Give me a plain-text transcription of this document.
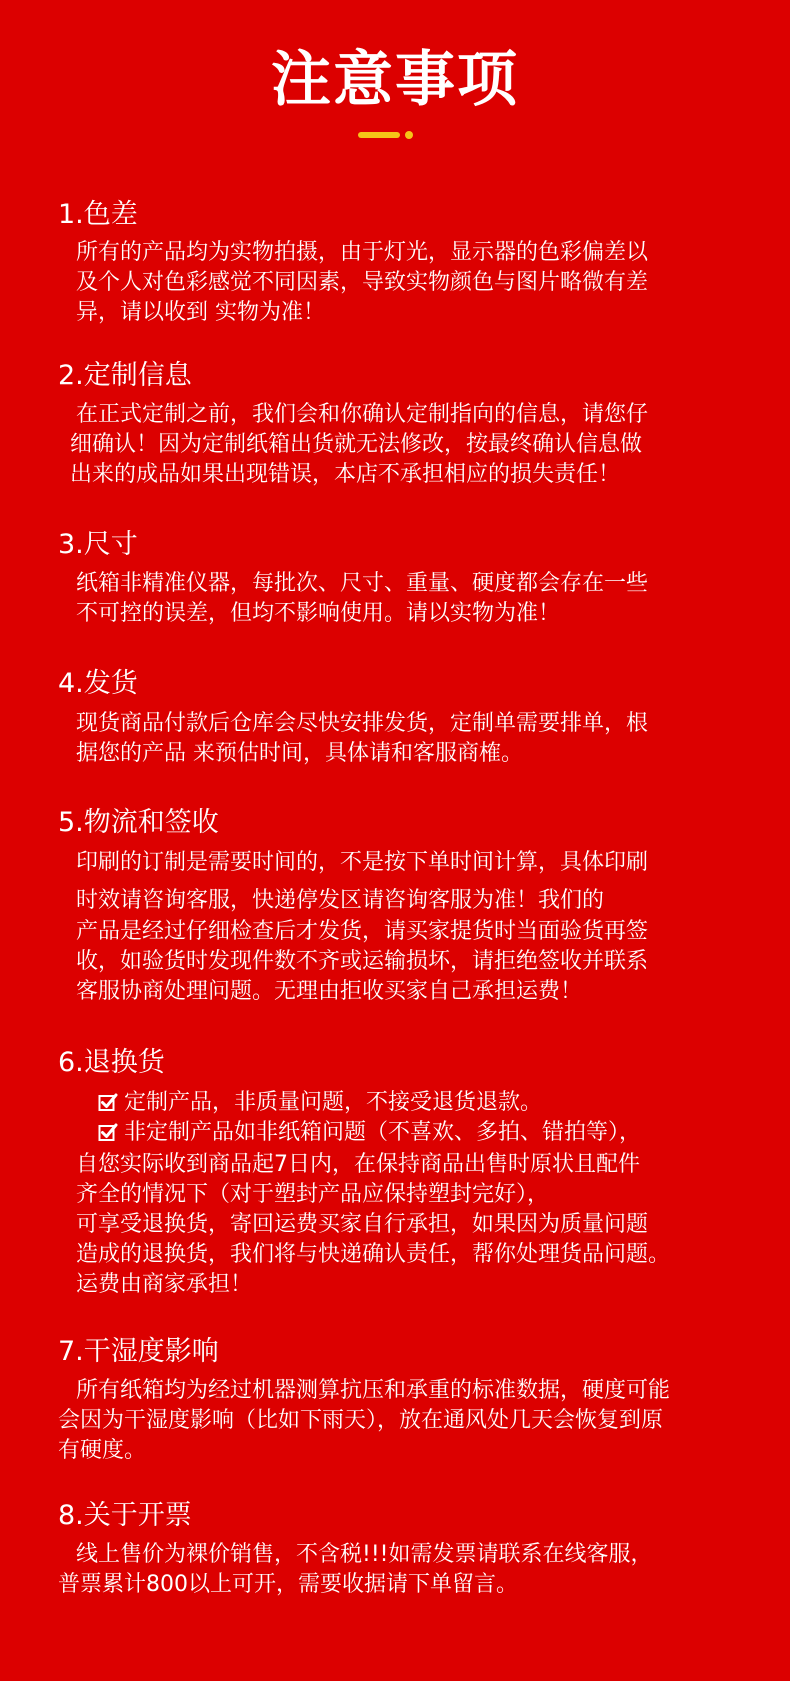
注意事项
1.色差

所有的产品均为实物拍摄，由于灯光，显示器的色彩偏差以

及个人对色彩感觉不同因素，导致实物颜色与图片略微有差

异，请以收到 实物为准！

2.定制信息

在正式定制之前，我们会和你确认定制指向的信息，请您仔

细确认！因为定制纸箱出货就无法修改，按最终确认信息做

出来的成品如果出现错误，本店不承担相应的损失责任！

3.尺寸

纸箱非精准仪器，每批次、尺寸、重量、硬度都会存在一些

不可控的误差，但均不影响使用。请以实物为准！

4.发货

现货商品付款后仓库会尽快安排发货，定制单需要排单，根

据您的产品 来预估时间，具体请和客服商榷。

5.物流和签收

印刷的订制是需要时间的，不是按下单时间计算，具体印刷

时效请咨询客服，快递停发区请咨询客服为准！我们的

产品是经过仔细检查后才发货，请买家提货时当面验货再签

收，如验货时发现件数不齐或运输损坏，请拒绝签收并联系

客服协商处理问题。无理由拒收买家自己承担运费！

6.退换货

定制产品，非质量问题，不接受退货退款。

非定制产品如非纸箱问题（不喜欢、多拍、错拍等），

自您实际收到商品起7日内，在保持商品出售时原状且配件

齐全的情况下（对于塑封产品应保持塑封完好），

可享受退换货，寄回运费买家自行承担，如果因为质量问题

造成的退换货，我们将与快递确认责任，帮你处理货品问题。

运费由商家承担！

7.干湿度影响

所有纸箱均为经过机器测算抗压和承重的标准数据，硬度可能

会因为干湿度影响（比如下雨天），放在通风处几天会恢复到原

有硬度。

8.关于开票

线上售价为裸价销售，不含税!!!如需发票请联系在线客服，

普票累计800以上可开，需要收据请下单留言。
